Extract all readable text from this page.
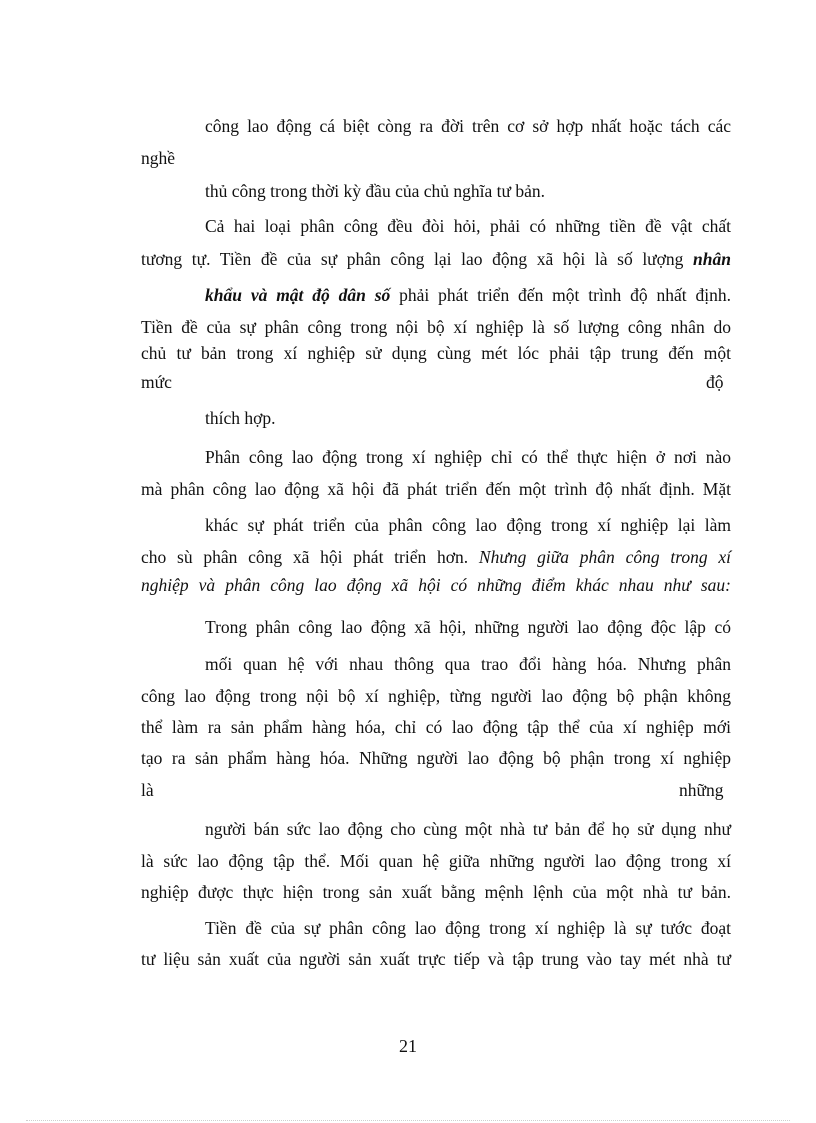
công lao động cá biệt còng ra đời trên cơ sở hợp nhất hoặc tách các

nghề

thủ công trong thời kỳ đầu của chủ nghĩa tư bản.

Cả hai loại phân công đều đòi hỏi, phải có những tiền đề vật chất

tương tự. Tiền đề của sự phân công lại lao động xã hội là số lượng nhân

khẩu và mật độ dân số phải phát triển đến một trình độ nhất định.

Tiền đề của sự phân công trong nội bộ xí nghiệp là số lượng công nhân do

chủ tư bản trong xí nghiệp sử dụng cùng mét lóc phải tập trung đến một

mức	độ

thích hợp.

Phân công lao động trong xí nghiệp chỉ có thể thực hiện ở nơi nào

mà phân công lao động xã hội đã phát triển đến một trình độ nhất định. Mặt

khác sự phát triển của phân công lao động trong xí nghiệp lại làm

cho sù phân công xã hội phát triển hơn. Nhưng giữa phân công trong xí

nghiệp và phân công lao động xã hội có những điểm khác nhau như sau:

Trong phân công lao động xã hội, những người lao động độc lập có

mối quan hệ với nhau thông qua trao đổi hàng hóa. Nhưng phân

công lao động trong nội bộ xí nghiệp, từng người lao động bộ phận không

thể làm ra sản phẩm hàng hóa, chỉ có lao động tập thể của xí nghiệp mới

tạo ra sản phẩm hàng hóa. Những người lao động bộ phận trong xí nghiệp

là	những

người bán sức lao động cho cùng một nhà tư bản để họ sử dụng như

là sức lao động tập thể. Mối quan hệ giữa những người lao động trong xí

nghiệp được thực hiện trong sản xuất bằng mệnh lệnh của một nhà tư bản.

Tiền đề của sự phân công lao động trong xí nghiệp là sự tước đoạt

tư liệu sản xuất của người sản xuất trực tiếp và tập trung vào tay mét nhà tư

21
